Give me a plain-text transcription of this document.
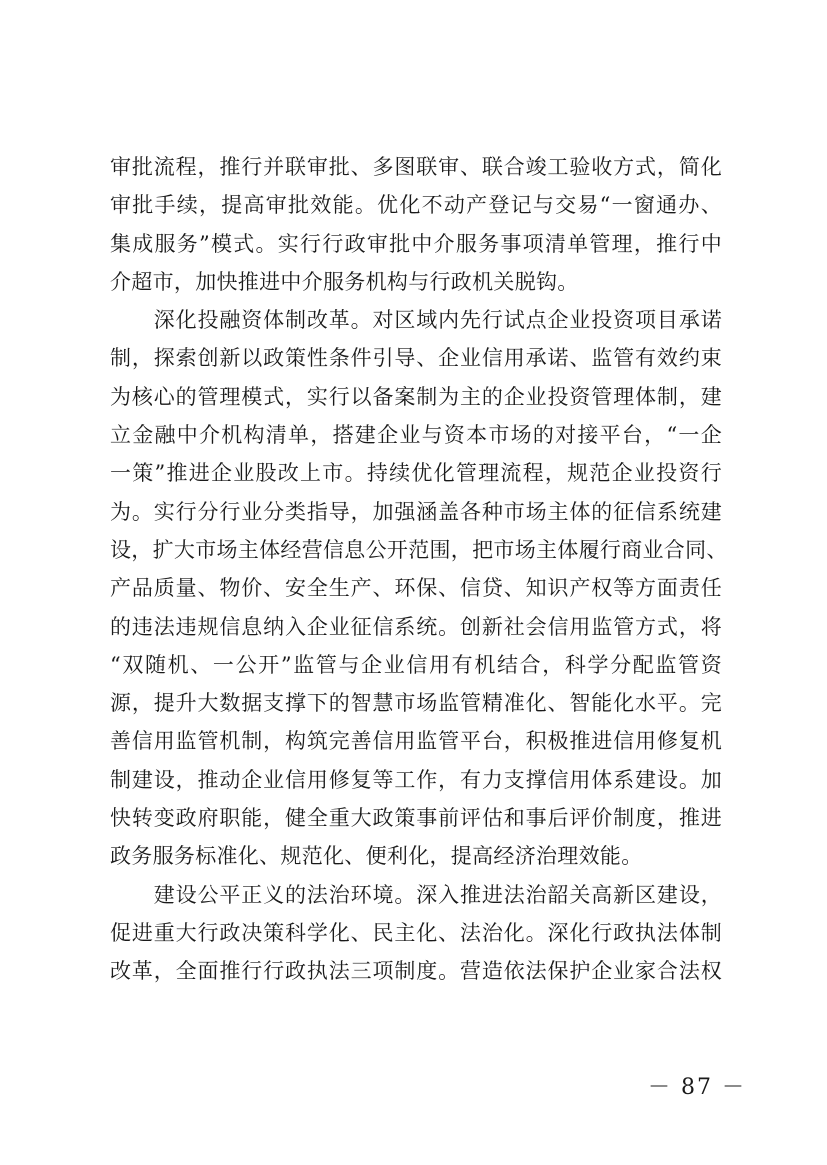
审批流程，推行并联审批、多图联审、联合竣工验收方式，简化
审批手续，提高审批效能。优化不动产登记与交易“一窗通办、
集成服务”模式。实行行政审批中介服务事项清单管理，推行中
介超市，加快推进中介服务机构与行政机关脱钩。
　　深化投融资体制改革。对区域内先行试点企业投资项目承诺
制，探索创新以政策性条件引导、企业信用承诺、监管有效约束
为核心的管理模式，实行以备案制为主的企业投资管理体制，建
立金融中介机构清单，搭建企业与资本市场的对接平台，“一企
一策”推进企业股改上市。持续优化管理流程，规范企业投资行
为。实行分行业分类指导，加强涵盖各种市场主体的征信系统建
设，扩大市场主体经营信息公开范围，把市场主体履行商业合同、
产品质量、物价、安全生产、环保、信贷、知识产权等方面责任
的违法违规信息纳入企业征信系统。创新社会信用监管方式，将
“双随机、一公开”监管与企业信用有机结合，科学分配监管资
源，提升大数据支撑下的智慧市场监管精准化、智能化水平。完
善信用监管机制，构筑完善信用监管平台，积极推进信用修复机
制建设，推动企业信用修复等工作，有力支撑信用体系建设。加
快转变政府职能，健全重大政策事前评估和事后评价制度，推进
政务服务标准化、规范化、便利化，提高经济治理效能。
　　建设公平正义的法治环境。深入推进法治韶关高新区建设，
促进重大行政决策科学化、民主化、法治化。深化行政执法体制
改革，全面推行行政执法三项制度。营造依法保护企业家合法权
－ 87 －
